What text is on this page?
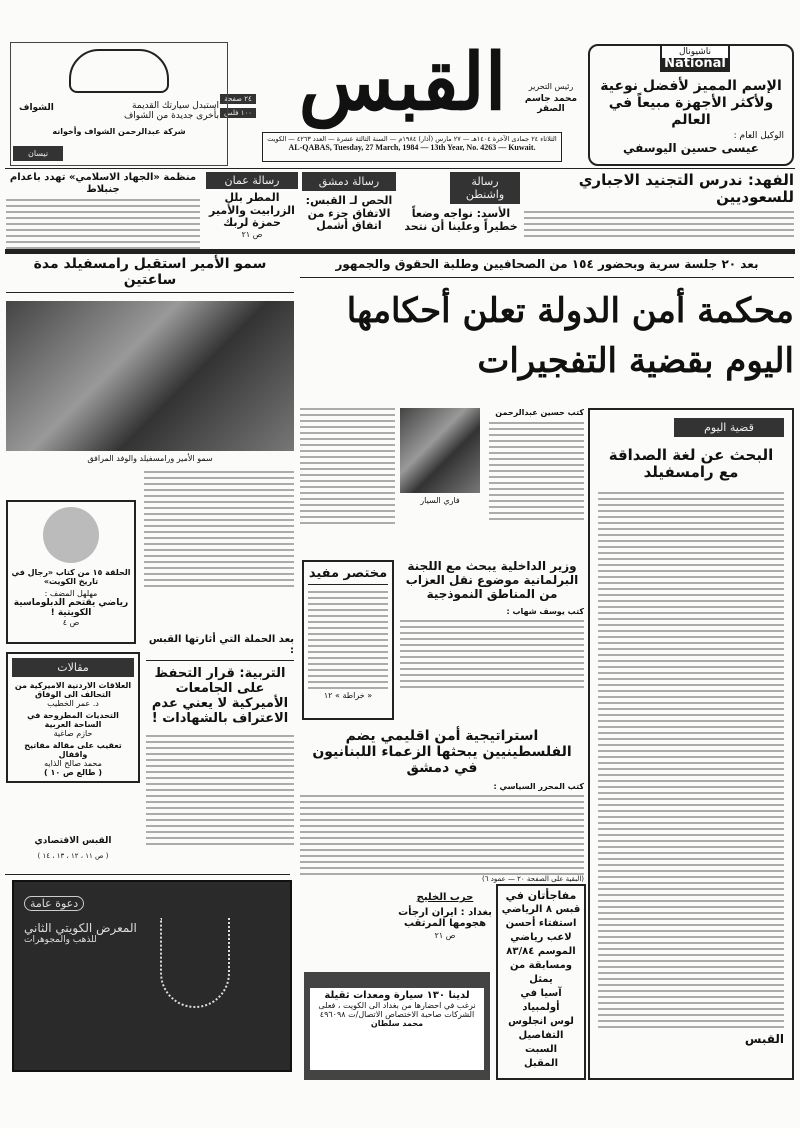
ناشيونال
National
الإسم المميز لأفضل نوعية ولأكثر الأجهزة مبيعاً في العالم
الوكيل العام :
عيسى حسين اليوسفي
رئيس التحرير
محمد جاسم الصقر
القبس
٢٤ صفحة
١٠٠ فلس
الثلاثاء ٢٤ جمادى الآخرة ١٤٠٤هـ — ٢٧ مارس (آذار) ١٩٨٤م — السنة الثالثة عشرة — العدد ٤٢٦٣ — الكويت
AL-QABAS, Tuesday, 27 March, 1984 — 13th Year, No. 4263 — Kuwait.
استبدل سيارتك القديمة
بأخرى جديدة من الشواف
الشواف
شركة عبدالرحمن الشواف وأخوانه
نيسان
الفهد: ندرس التجنيد الاجباري للسعوديين
رسالة واشنطن
الأسد: نواجه وضعاً خطيراً وعلينا أن نتحد
رسالة دمشق
الحص لـ القبس: الاتفاق جزء من اتفاق أشمل
رسالة عمان
المطر بلل الزرابيت والأمير حمزة لربك
ص ٢١
منظمة «الجهاد الاسلامي» تهدد باعدام جنبلاط
بعد ٢٠ جلسة سرية وبحضور ١٥٤ من الصحافيين وطلبة الحقوق والجمهور
محكمة أمن الدولة تعلن أحكامها اليوم بقضية التفجيرات
قضية اليوم
البحث عن لغة الصداقة مع رامسفيلد
القبس
كتب حسين عبدالرحمن
فاري السيار
سمو الأمير استقبل رامسفيلد مدة ساعتين
سمو الأمير ورامسفيلد والوفد المرافق
الحلقة ١٥ من كتاب «رجال في تاريخ الكويت»
مهلهل المضف :
رياضي يقتحم الدبلوماسية الكويتية !
ص ٤
بعد الحملة التي أثارتها القبس :
التربية: قرار التحفظ على الجامعات الأميركية لا يعني عدم الاعتراف بالشهادات !
مقالات
العلاقات الاردنية الاميركية من التحالف الى الوفاق
د. عمر الخطيب
التحديات المطروحة في الساحة العربية
حازم صاغية
تعقيب على مقالة مفاتيح واقفال
محمد صالح الذايه
( طالع ص ١٠ )
القبس الاقتصادي
( ص ١١ ، ١٢ ، ١٣ ، ١٤ )
مختصر مفيد
« خراطة » ١٢
وزير الداخلية يبحث مع اللجنة البرلمانية موضوع نقل العزاب من المناطق النموذجية
كتب يوسف شهاب :
استراتيجية أمن اقليمي يضم الفلسطينيين يبحثها الزعماء اللبنانيون في دمشق
كتب المحرر السياسي :
(البقية على الصفحة ٢٠ — عمود ٦)
حرب الخليج
بغداد : ايران ارجأت هجومها المرتقب
ص ٢١
مفاجأتان في
قبس ٨ الرياضي
استفتاء أحسن
لاعب رياضي
الموسم ٨٣/٨٤
ومسابقة من يمثل
آسيا في أولمبياد
لوس انجلوس
التفاصيل السبت
المقبل
لدينا ١٣٠ سيارة ومعدات ثقيلة
نرغب في احضارها من بغداد الى الكويت ، فعلى الشركات صاحبة الاختصاص الاتصال/ت ٤٩٦٠٩٨
محمد سلطان
دعوة عامة
المعرض الكويتي الثاني
للذهب والمجوهرات
